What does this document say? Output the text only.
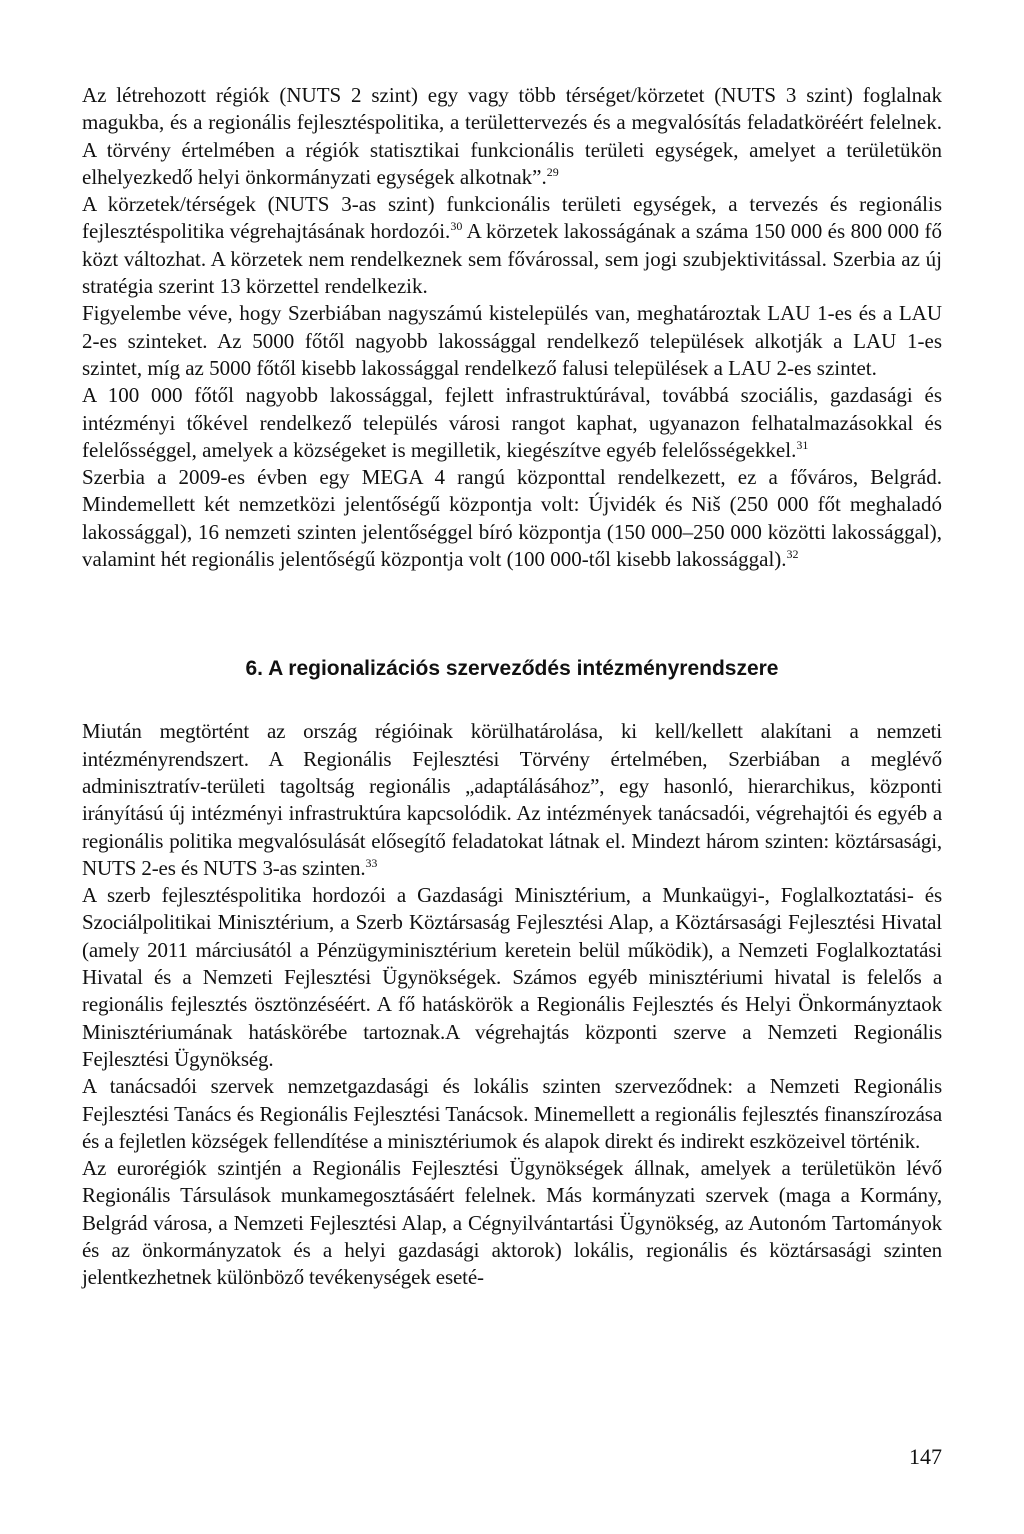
Az létrehozott régiók (NUTS 2 szint) egy vagy több térséget/körzetet (NUTS 3 szint) foglalnak magukba, és a regionális fejlesztéspolitika, a területtervezés és a megvalósítás feladatköréért felelnek. A törvény értelmében a régiók statisztikai funkcionális területi egységek, amelyet a területükön elhelyezkedő helyi önkormányzati egységek alkotnak”.$^{29}$

A körzetek/térségek (NUTS 3-as szint) funkcionális területi egységek, a tervezés és regionális fejlesztéspolitika végrehajtásának hordozói.$^{30}$ A körzetek lakosságának a száma 150 000 és 800 000 fő közt változhat. A körzetek nem rendelkeznek sem fővárossal, sem jogi szubjektivitással. Szerbia az új stratégia szerint 13 körzettel rendelkezik.

Figyelembe véve, hogy Szerbiában nagyszámú kistelepülés van, meghatároztak LAU 1-es és a LAU 2-es szinteket. Az 5000 főtől nagyobb lakossággal rendelkező települések alkotják a LAU 1-es szintet, míg az 5000 főtől kisebb lakossággal rendelkező falusi települések a LAU 2-es szintet.

A 100 000 főtől nagyobb lakossággal, fejlett infrastruktúrával, továbbá szociális, gazdasági és intézményi tőkével rendelkező település városi rangot kaphat, ugyanazon felhatalmazásokkal és felelősséggel, amelyek a községeket is megilletik, kiegészítve egyéb felelősségekkel.$^{31}$

Szerbia a 2009-es évben egy MEGA 4 rangú központtal rendelkezett, ez a főváros, Belgrád. Mindemellett két nemzetközi jelentőségű központja volt: Újvidék és Niš (250 000 főt meghaladó lakossággal), 16 nemzeti szinten jelentőséggel bíró központja (150 000–250 000 közötti lakossággal), valamint hét regionális jelentőségű központja volt (100 000-től kisebb lakossággal).$^{32}$

6. A regionalizációs szerveződés intézményrendszere

Miután megtörtént az ország régióinak körülhatárolása, ki kell/kellett alakítani a nemzeti intézményrendszert. A Regionális Fejlesztési Törvény értelmében, Szerbiában a meglévő adminisztratív-területi tagoltság regionális „adaptálásához”, egy hasonló, hierarchikus, központi irányítású új intézményi infrastruktúra kapcsolódik. Az intézmények tanácsadói, végrehajtói és egyéb a regionális politika megvalósulását elősegítő feladatokat látnak el. Mindezt három szinten: köztársasági, NUTS 2-es és NUTS 3-as szinten.$^{33}$

A szerb fejlesztéspolitika hordozói a Gazdasági Minisztérium, a Munkaügyi-, Foglalkoztatási- és Szociálpolitikai Minisztérium, a Szerb Köztársaság Fejlesztési Alap, a Köztársasági Fejlesztési Hivatal (amely 2011 márciusától a Pénzügyminisztérium keretein belül működik), a Nemzeti Foglalkoztatási Hivatal és a Nemzeti Fejlesztési Ügynökségek. Számos egyéb minisztériumi hivatal is felelős a regionális fejlesztés ösztönzéséért. A fő hatáskörök a Regionális Fejlesztés és Helyi Önkormányztaok Minisztériumának hatáskörébe tartoznak.A végrehajtás központi szerve a Nemzeti Regionális Fejlesztési Ügynökség.

A tanácsadói szervek nemzetgazdasági és lokális szinten szerveződnek: a Nemzeti Regionális Fejlesztési Tanács és Regionális Fejlesztési Tanácsok. Minemellett a regionális fejlesztés finanszírozása és a fejletlen községek fellendítése a minisztériumok és alapok direkt és indirekt eszközeivel történik.

Az eurorégiók szintjén a Regionális Fejlesztési Ügynökségek állnak, amelyek a területükön lévő Regionális Társulások munkamegosztásáért felelnek. Más kormányzati szervek (maga a Kormány, Belgrád városa, a Nemzeti Fejlesztési Alap, a Cégnyilvántartási Ügynökség, az Autonóm Tartományok és az önkormányzatok és a helyi gazdasági aktorok) lokális, regionális és köztársasági szinten jelentkezhetnek különböző tevékenységek eseté-

147
